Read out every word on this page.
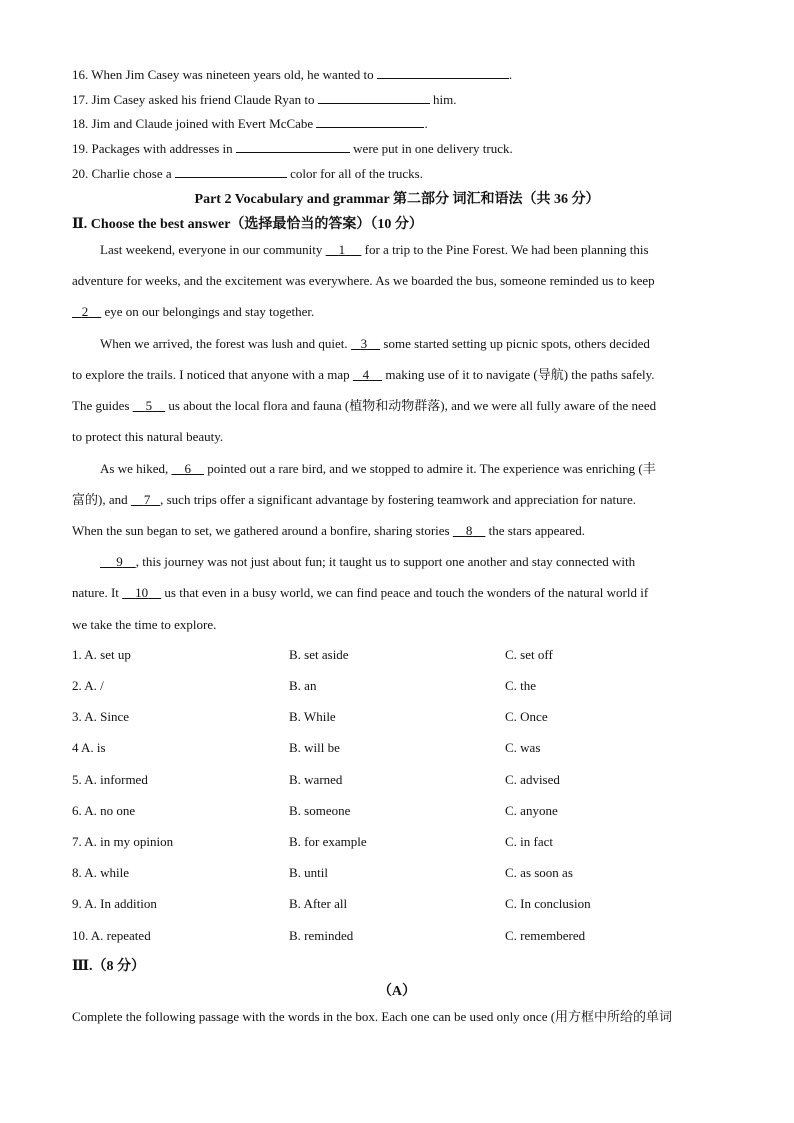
16. When Jim Casey was nineteen years old, he wanted to	.
17. Jim Casey asked his friend Claude Ryan to	him.
18. Jim and Claude joined with Evert McCabe	.
19. Packages with addresses in	were put in one delivery truck.
20. Charlie chose a	color for all of the trucks.
Part 2 Vocabulary and grammar 第二部分 词汇和语法（共 36 分）
Ⅱ. Choose the best answer（选择最恰当的答案）（10 分）
Last weekend, everyone in our community 1 for a trip to the Pine Forest. We had been planning this
adventure for weeks, and the excitement was everywhere. As we boarded the bus, someone reminded us to keep
2 eye on our belongings and stay together.
When we arrived, the forest was lush and quiet. 3 some started setting up picnic spots, others decided
to explore the trails. I noticed that anyone with a map 4 making use of it to navigate (导航) the paths safely.
The guides 5 us about the local flora and fauna (植物和动物群落), and we were all fully aware of the need
to protect this natural beauty.
As we hiked, 6 pointed out a rare bird, and we stopped to admire it. The experience was enriching (丰
富的), and 7 , such trips offer a significant advantage by fostering teamwork and appreciation for nature.
When the sun began to set, we gathered around a bonfire, sharing stories 8 the stars appeared.
9 , this journey was not just about fun; it taught us to support one another and stay connected with
nature. It 10 us that even in a busy world, we can find peace and touch the wonders of the natural world if
we take the time to explore.
1. A. set up	B. set aside	C. set off
2. A. /	B. an	C. the
3. A. Since	B. While	C. Once
4 A. is	B. will be	C. was
5. A. informed	B. warned	C. advised
6. A. no one	B. someone	C. anyone
7. A. in my opinion	B. for example	C. in fact
8. A. while	B. until	C. as soon as
9. A. In addition	B. After all	C. In conclusion
10. A. repeated	B. reminded	C. remembered
Ⅲ.（8 分）
（A）
Complete the following passage with the words in the box. Each one can be used only once (用方框中所给的单词
